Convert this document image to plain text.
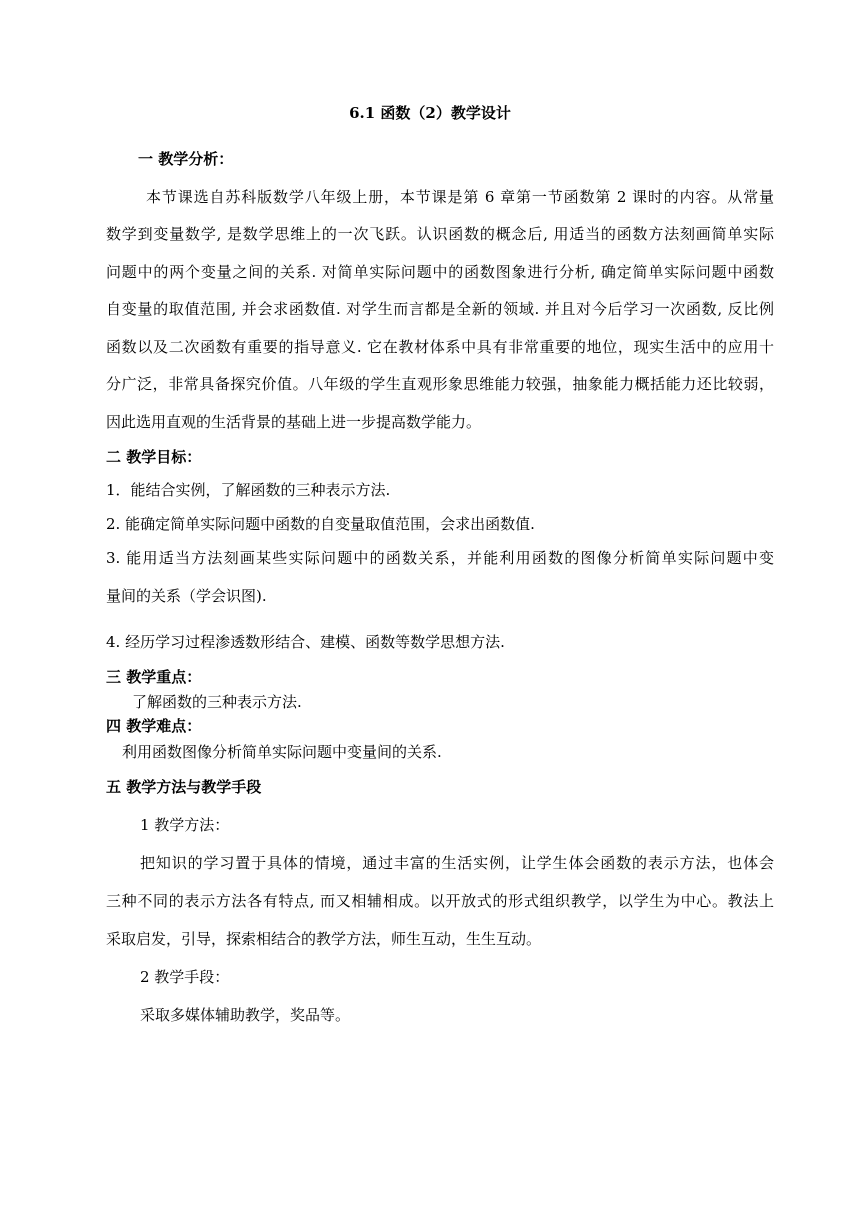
6.1 函数（2）教学设计
一 教学分析：
本节课选自苏科版数学八年级上册，本节课是第 6 章第一节函数第 2 课时的内容。从常量
数学到变量数学, 是数学思维上的一次飞跃。认识函数的概念后, 用适当的函数方法刻画简单实际
问题中的两个变量之间的关系. 对简单实际问题中的函数图象进行分析, 确定简单实际问题中函数
自变量的取值范围, 并会求函数值. 对学生而言都是全新的领域. 并且对今后学习一次函数, 反比例
函数以及二次函数有重要的指导意义. 它在教材体系中具有非常重要的地位，现实生活中的应用十
分广泛，非常具备探究价值。八年级的学生直观形象思维能力较强，抽象能力概括能力还比较弱，
因此选用直观的生活背景的基础上进一步提高数学能力。
二 教学目标：
1．能结合实例，了解函数的三种表示方法.
2. 能确定简单实际问题中函数的自变量取值范围，会求出函数值.
3. 能用适当方法刻画某些实际问题中的函数关系，并能利用函数的图像分析简单实际问题中变
量间的关系（学会识图).
4. 经历学习过程渗透数形结合、建模、函数等数学思想方法.
三 教学重点：
了解函数的三种表示方法.
四 教学难点：
利用函数图像分析简单实际问题中变量间的关系.
五 教学方法与教学手段
1 教学方法：
把知识的学习置于具体的情境，通过丰富的生活实例，让学生体会函数的表示方法，也体会
三种不同的表示方法各有特点, 而又相辅相成。以开放式的形式组织教学，以学生为中心。教法上
采取启发，引导，探索相结合的教学方法，师生互动，生生互动。
2 教学手段：
采取多媒体辅助教学，奖品等。
